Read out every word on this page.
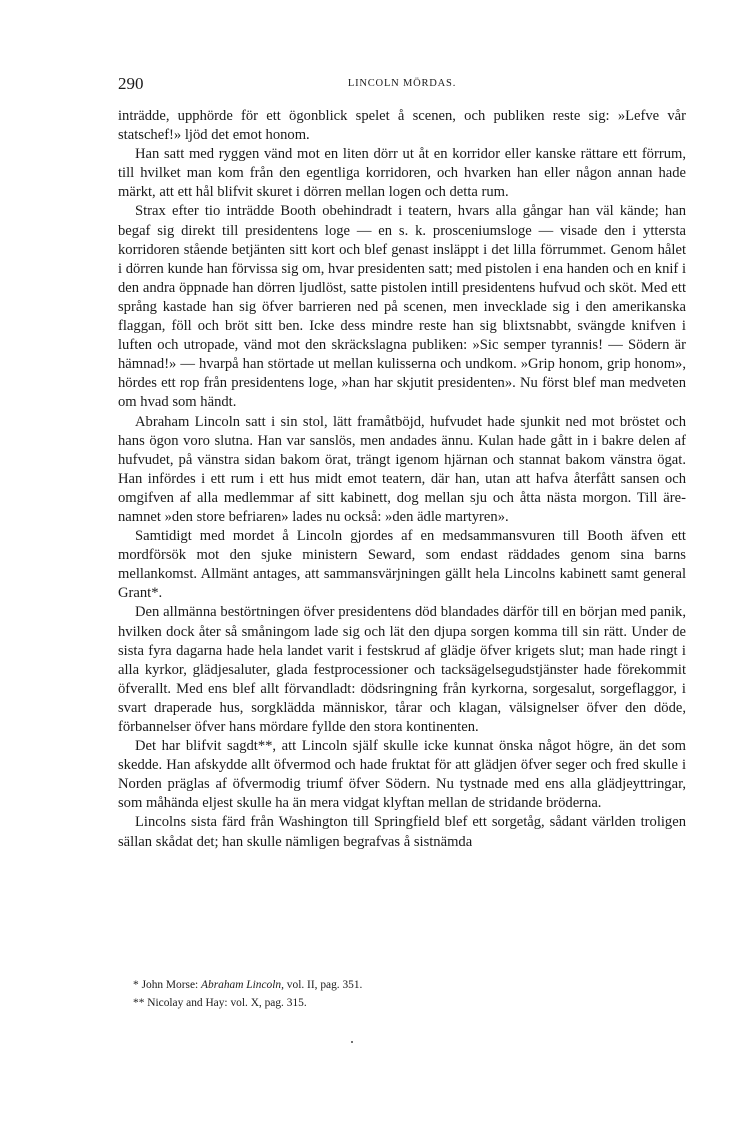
290	LINCOLN MÖRDAS.

inträdde, upphörde för ett ögonblick spelet å scenen, och publiken reste sig: »Lefve vår statschef!» ljöd det emot honom.

Han satt med ryggen vänd mot en liten dörr ut åt en korridor eller kanske rättare ett förrum, till hvilket man kom från den egentliga korridoren, och hvarken han eller någon annan hade märkt, att ett hål blifvit skuret i dörren mellan logen och detta rum.

Strax efter tio inträdde Booth obehindradt i teatern, hvars alla gångar han väl kände; han begaf sig direkt till presidentens loge — en s. k. prosceniumsloge — visade den i yttersta korridoren stående betjänten sitt kort och blef genast insläppt i det lilla förrummet. Genom hålet i dörren kunde han förvissa sig om, hvar presidenten satt; med pistolen i ena handen och en knif i den andra öppnade han dörren ljudlöst, satte pistolen intill presidentens hufvud och sköt. Med ett språng kastade han sig öfver barrieren ned på scenen, men invecklade sig i den amerikanska flaggan, föll och bröt sitt ben. Icke dess mindre reste han sig blixtsnabbt, svängde knifven i luften och utropade, vänd mot den skräckslagna publiken: »Sic semper tyrannis! — Södern är hämnad!» — hvarpå han störtade ut mellan kulisserna och undkom. »Grip honom, grip honom», hördes ett rop från presidentens loge, »han har skjutit presidenten». Nu först blef man medveten om hvad som händt.

Abraham Lincoln satt i sin stol, lätt framåtböjd, hufvudet hade sjunkit ned mot bröstet och hans ögon voro slutna. Han var sanslös, men andades ännu. Kulan hade gått in i bakre delen af hufvudet, på vänstra sidan bakom örat, trängt igenom hjärnan och stannat bakom vänstra ögat. Han infördes i ett rum i ett hus midt emot teatern, där han, utan att hafva återfått sansen och omgifven af alla medlemmar af sitt kabinett, dog mellan sju och åtta nästa morgon. Till ärenamnet »den store befriaren» lades nu också: »den ädle martyren».

Samtidigt med mordet å Lincoln gjordes af en medsammansvuren till Booth äfven ett mordförsök mot den sjuke ministern Seward, som endast räddades genom sina barns mellankomst. Allmänt antages, att sammansvärjningen gällt hela Lincolns kabinett samt general Grant*.

Den allmänna bestörtningen öfver presidentens död blandades därför till en början med panik, hvilken dock åter så småningom lade sig och lät den djupa sorgen komma till sin rätt. Under de sista fyra dagarna hade hela landet varit i festskrud af glädje öfver krigets slut; man hade ringt i alla kyrkor, glädjesaluter, glada festprocessioner och tacksägelsegudstjänster hade förekommit öfverallt. Med ens blef allt förvandladt: dödsringning från kyrkorna, sorgesalut, sorgeflaggor, i svart draperade hus, sorgklädda människor, tårar och klagan, välsignelser öfver den döde, förbannelser öfver hans mördare fyllde den stora kontinenten.

Det har blifvit sagdt**, att Lincoln själf skulle icke kunnat önska något högre, än det som skedde. Han afskydde allt öfvermod och hade fruktat för att glädjen öfver seger och fred skulle i Norden präglas af öfvermodig triumf öfver Södern. Nu tystnade med ens alla glädjeyttringar, som måhända eljest skulle ha än mera vidgat klyftan mellan de stridande bröderna.

Lincolns sista färd från Washington till Springfield blef ett sorgetåg, sådant världen troligen sällan skådat det; han skulle nämligen begrafvas å sistnämda

* John Morse: Abraham Lincoln, vol. II, pag. 351.
** Nicolay and Hay: vol. X, pag. 315.
